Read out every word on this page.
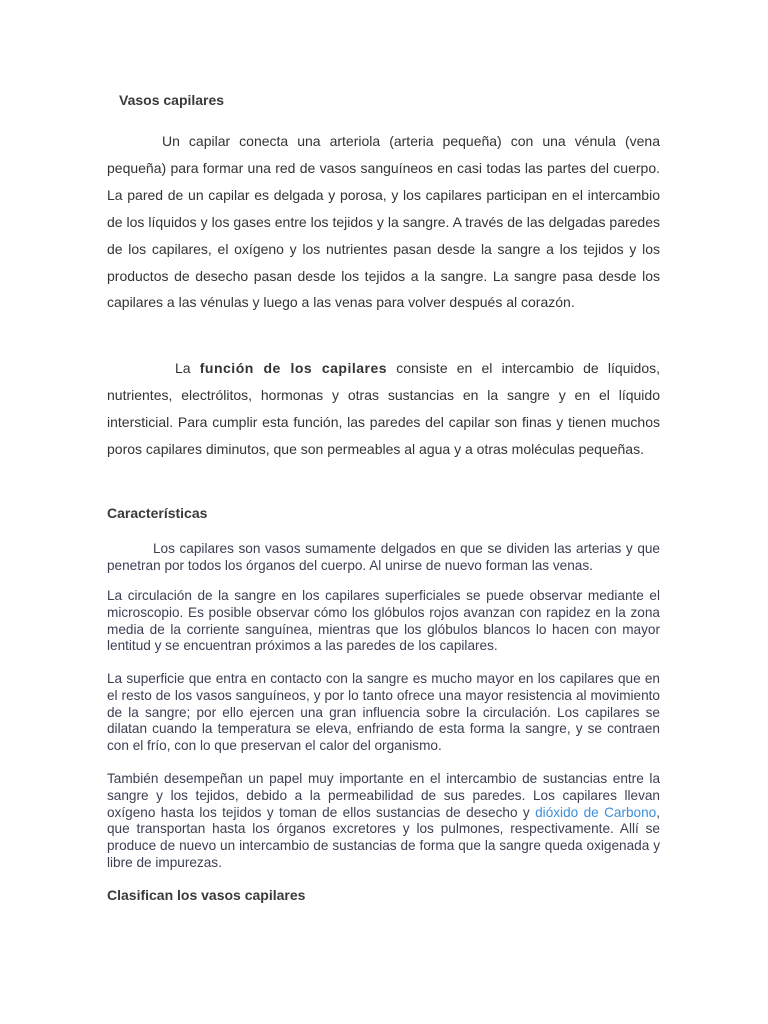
Vasos capilares

Un capilar conecta una arteriola (arteria pequeña) con una vénula (vena pequeña) para formar una red de vasos sanguíneos en casi todas las partes del cuerpo. La pared de un capilar es delgada y porosa, y los capilares participan en el intercambio de los líquidos y los gases entre los tejidos y la sangre. A través de las delgadas paredes de los capilares, el oxígeno y los nutrientes pasan desde la sangre a los tejidos y los productos de desecho pasan desde los tejidos a la sangre. La sangre pasa desde los capilares a las vénulas y luego a las venas para volver después al corazón.

La función de los capilares consiste en el intercambio de líquidos, nutrientes, electrólitos, hormonas y otras sustancias en la sangre y en el líquido intersticial. Para cumplir esta función, las paredes del capilar son finas y tienen muchos poros capilares diminutos, que son permeables al agua y a otras moléculas pequeñas.

Características

Los capilares son vasos sumamente delgados en que se dividen las arterias y que penetran por todos los órganos del cuerpo. Al unirse de nuevo forman las venas.

La circulación de la sangre en los capilares superficiales se puede observar mediante el microscopio. Es posible observar cómo los glóbulos rojos avanzan con rapidez en la zona media de la corriente sanguínea, mientras que los glóbulos blancos lo hacen con mayor lentitud y se encuentran próximos a las paredes de los capilares.

La superficie que entra en contacto con la sangre es mucho mayor en los capilares que en el resto de los vasos sanguíneos, y por lo tanto ofrece una mayor resistencia al movimiento de la sangre; por ello ejercen una gran influencia sobre la circulación. Los capilares se dilatan cuando la temperatura se eleva, enfriando de esta forma la sangre, y se contraen con el frío, con lo que preservan el calor del organismo.

También desempeñan un papel muy importante en el intercambio de sustancias entre la sangre y los tejidos, debido a la permeabilidad de sus paredes. Los capilares llevan oxígeno hasta los tejidos y toman de ellos sustancias de desecho y dióxido de Carbono, que transportan hasta los órganos excretores y los pulmones, respectivamente. Allí se produce de nuevo un intercambio de sustancias de forma que la sangre queda oxigenada y libre de impurezas.

Clasifican los vasos capilares
